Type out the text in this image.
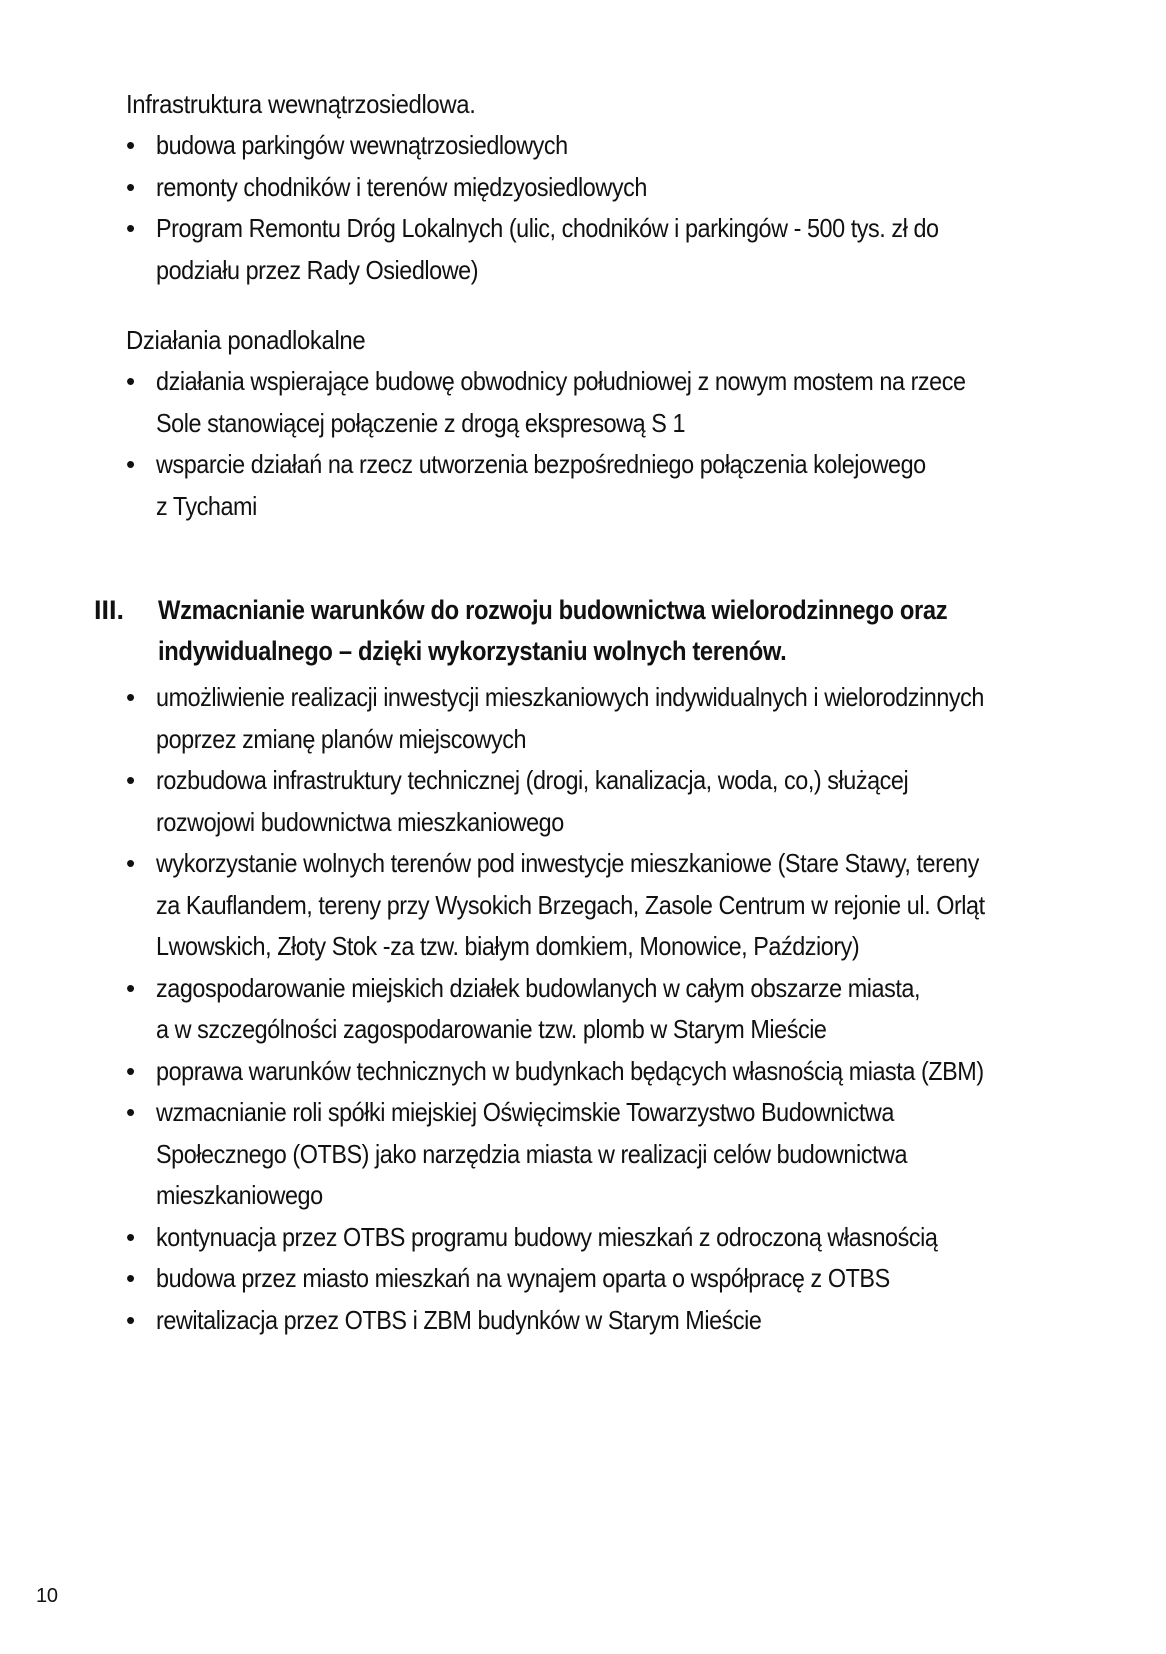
Infrastruktura wewnątrzosiedlowa.
• budowa parkingów wewnątrzosiedlowych
• remonty chodników i terenów międzyosiedlowych
• Program Remontu Dróg Lokalnych (ulic, chodników i parkingów - 500 tys. zł do
podziału przez Rady Osiedlowe)
Działania ponadlokalne
• działania wspierające budowę obwodnicy południowej z nowym mostem na rzece
Sole stanowiącej połączenie z drogą ekspresową S 1
• wsparcie działań na rzecz utworzenia bezpośredniego połączenia kolejowego
z Tychami
III. Wzmacnianie warunków do rozwoju budownictwa wielorodzinnego oraz
indywidualnego – dzięki wykorzystaniu wolnych terenów.
• umożliwienie realizacji inwestycji mieszkaniowych indywidualnych i wielorodzinnych
poprzez zmianę planów miejscowych
• rozbudowa infrastruktury technicznej (drogi, kanalizacja, woda, co,) służącej
rozwojowi budownictwa mieszkaniowego
• wykorzystanie wolnych terenów pod inwestycje mieszkaniowe (Stare Stawy, tereny
za Kauflandem, tereny przy Wysokich Brzegach, Zasole Centrum w rejonie ul. Orląt
Lwowskich, Złoty Stok -za tzw. białym domkiem, Monowice, Paździory)
• zagospodarowanie miejskich działek budowlanych w całym obszarze miasta,
a w szczególności zagospodarowanie tzw. plomb w Starym Mieście
• poprawa warunków technicznych w budynkach będących własnością miasta (ZBM)
• wzmacnianie roli spółki miejskiej Oświęcimskie Towarzystwo Budownictwa
Społecznego (OTBS) jako narzędzia miasta w realizacji celów budownictwa
mieszkaniowego
• kontynuacja przez OTBS programu budowy mieszkań z odroczoną własnością
• budowa przez miasto mieszkań na wynajem oparta o współpracę z OTBS
• rewitalizacja przez OTBS i ZBM budynków w Starym Mieście
10
